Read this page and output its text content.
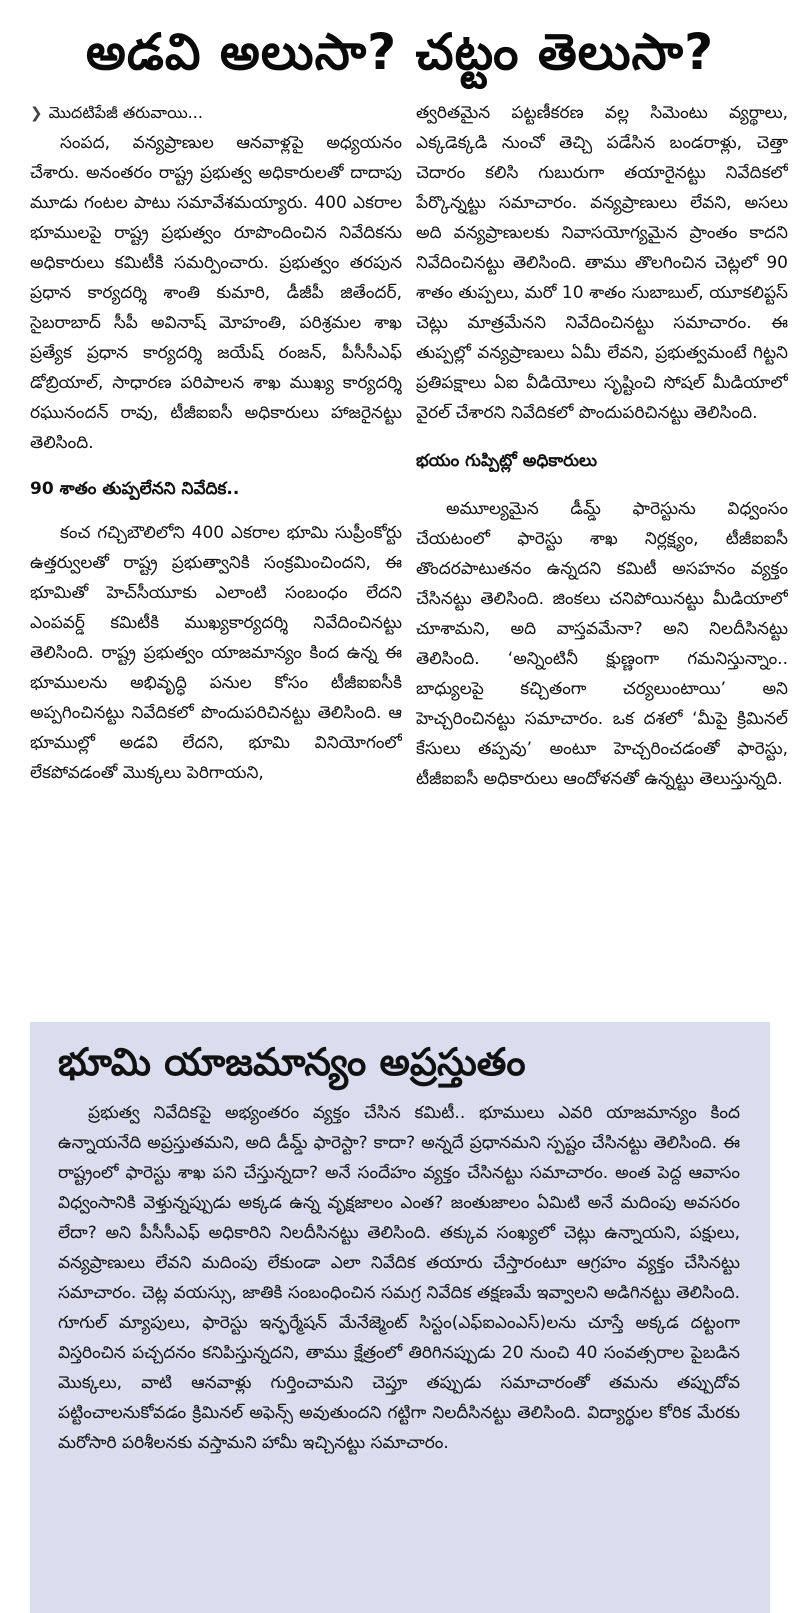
అడవి అలుసా? చట్టం తెలుసా?
❯ మొదటిపేజీ తరువాయి...

సంపద, వన్యప్రాణుల ఆనవాళ్లపై అధ్యయనం చేశారు. అనంతరం రాష్ట్ర ప్రభుత్వ అధికారులతో దాదాపు మూడు గంటల పాటు సమావేశమయ్యారు. 400 ఎకరాల భూములపై రాష్ట్ర ప్రభుత్వం రూపొందించిన నివేదికను అధికారులు కమిటీకి సమర్పించారు. ప్రభుత్వం తరపున ప్రధాన కార్యదర్శి శాంతి కుమారి, డీజీపీ జితేందర్, సైబరాబాద్ సీపీ అవినాష్ మోహంతి, పరిశ్రమల శాఖ ప్రత్యేక ప్రధాన కార్యదర్శి జయేష్ రంజన్, పీసీసీఎఫ్ డోబ్రియాల్, సాధారణ పరిపాలన శాఖ ముఖ్య కార్యదర్శి రఘునందన్ రావు, టీజీఐఐసీ అధికారులు హాజరైనట్టు తెలిసింది.

90 శాతం తుప్పలేనని నివేదిక..

కంచ గచ్చిబౌలిలోని 400 ఎకరాల భూమి సుప్రీంకోర్టు ఉత్తర్వులతో రాష్ట్ర ప్రభుత్వానికి సంక్రమించిందని, ఈ భూమితో హెచ్‌సీయూకు ఎలాంటి సంబంధం లేదని ఎంపవర్డ్ కమిటీకి ముఖ్యకార్యదర్శి నివేదించినట్టు తెలిసింది. రాష్ట్ర ప్రభుత్వం యాజమాన్యం కింద ఉన్న ఈ భూములను అభివృద్ధి పనుల కోసం టీజీఐఐసీకి అప్పగించినట్టు నివేదికలో పొందుపరిచినట్టు తెలిసింది. ఆ భూముల్లో అడవి లేదని, భూమి వినియోగంలో లేకపోవడంతో మొక్కలు పెరిగాయని,

త్వరితమైన పట్టణీకరణ వల్ల సిమెంటు వ్యర్థాలు, ఎక్కడెక్కడి నుంచో తెచ్చి పడేసిన బండరాళ్లు, చెత్తా చెదారం కలిసి గుబురుగా తయారైనట్టు నివేదికలో పేర్కొన్నట్టు సమాచారం. వన్యప్రాణులు లేవని, అసలు అది వన్యప్రాణులకు నివాసయోగ్యమైన ప్రాంతం కాదని నివేదించినట్టు తెలిసింది. తాము తొలగించిన చెట్లలో 90 శాతం తుప్పలు, మరో 10 శాతం సుబాబుల్, యూకలిప్టస్ చెట్లు మాత్రమేనని నివేదించినట్టు సమాచారం. ఈ తుప్పల్లో వన్యప్రాణులు ఏమీ లేవని, ప్రభుత్వమంటే గిట్టని ప్రతిపక్షాలు ఏఐ వీడియోలు సృష్టించి సోషల్ మీడియాలో వైరల్ చేశారని నివేదికలో పొందుపరిచినట్టు తెలిసింది.

భయం గుప్పిట్లో అధికారులు

అమూల్యమైన డీమ్డ్ ఫారెస్టును విధ్వంసం చేయటంలో ఫారెస్టు శాఖ నిర్లక్ష్యం, టీజీఐఐసీ తొందరపాటుతనం ఉన్నదని కమిటీ అసహనం వ్యక్తం చేసినట్టు తెలిసింది. జింకలు చనిపోయినట్టు మీడియాలో చూశామని, అది వాస్తవమేనా? అని నిలదీసినట్టు తెలిసింది. ‘అన్నింటినీ క్షుణ్ణంగా గమనిస్తున్నాం.. బాధ్యులపై కచ్చితంగా చర్యలుంటాయి’ అని హెచ్చరించినట్టు సమాచారం. ఒక దశలో ‘మీపై క్రిమినల్ కేసులు తప్పవు’ అంటూ హెచ్చరించడంతో ఫారెస్టు, టీజీఐఐసీ అధికారులు ఆందోళనతో ఉన్నట్టు తెలుస్తున్నది.

భూమి యాజమాన్యం అప్రస్తుతం

ప్రభుత్వ నివేదికపై అభ్యంతరం వ్యక్తం చేసిన కమిటీ.. భూములు ఎవరి యాజమాన్యం కింద ఉన్నాయనేది అప్రస్తుతమని, అది డీమ్డ్ ఫారెస్టా? కాదా? అన్నదే ప్రధానమని స్పష్టం చేసినట్టు తెలిసింది. ఈ రాష్ట్రంలో ఫారెస్టు శాఖ పని చేస్తున్నదా? అనే సందేహం వ్యక్తం చేసినట్టు సమాచారం. అంత పెద్ద ఆవాసం విధ్వంసానికి వెళ్తున్నప్పుడు అక్కడ ఉన్న వృక్షజాలం ఎంత? జంతుజాలం ఏమిటి అనే మదింపు అవసరం లేదా? అని పీసీసీఎఫ్ అధికారిని నిలదీసినట్టు తెలిసింది. తక్కువ సంఖ్యలో చెట్లు ఉన్నాయని, పక్షులు, వన్యప్రాణులు లేవని మదింపు లేకుండా ఎలా నివేదిక తయారు చేస్తారంటూ ఆగ్రహం వ్యక్తం చేసినట్టు సమాచారం. చెట్ల వయస్సు, జాతికి సంబంధించిన సమగ్ర నివేదిక తక్షణమే ఇవ్వాలని అడిగినట్టు తెలిసింది. గూగుల్ మ్యాపులు, ఫారెస్టు ఇన్ఫర్మేషన్ మేనేజ్మెంట్ సిస్టం(ఎఫ్ఐఎంఎస్)లను చూస్తే అక్కడ దట్టంగా విస్తరించిన పచ్చదనం కనిపిస్తున్నదని, తాము క్షేత్రంలో తిరిగినప్పుడు 20 నుంచి 40 సంవత్సరాల పైబడిన మొక్కలు, వాటి ఆనవాళ్లు గుర్తించామని చెప్తూ తప్పుడు సమాచారంతో తమను తప్పుదోవ పట్టించాలనుకోవడం క్రిమినల్ అఫెన్స్ అవుతుందని గట్టిగా నిలదీసినట్టు తెలిసింది. విద్యార్థుల కోరిక మేరకు మరోసారి పరిశీలనకు వస్తామని హామీ ఇచ్చినట్టు సమాచారం.
